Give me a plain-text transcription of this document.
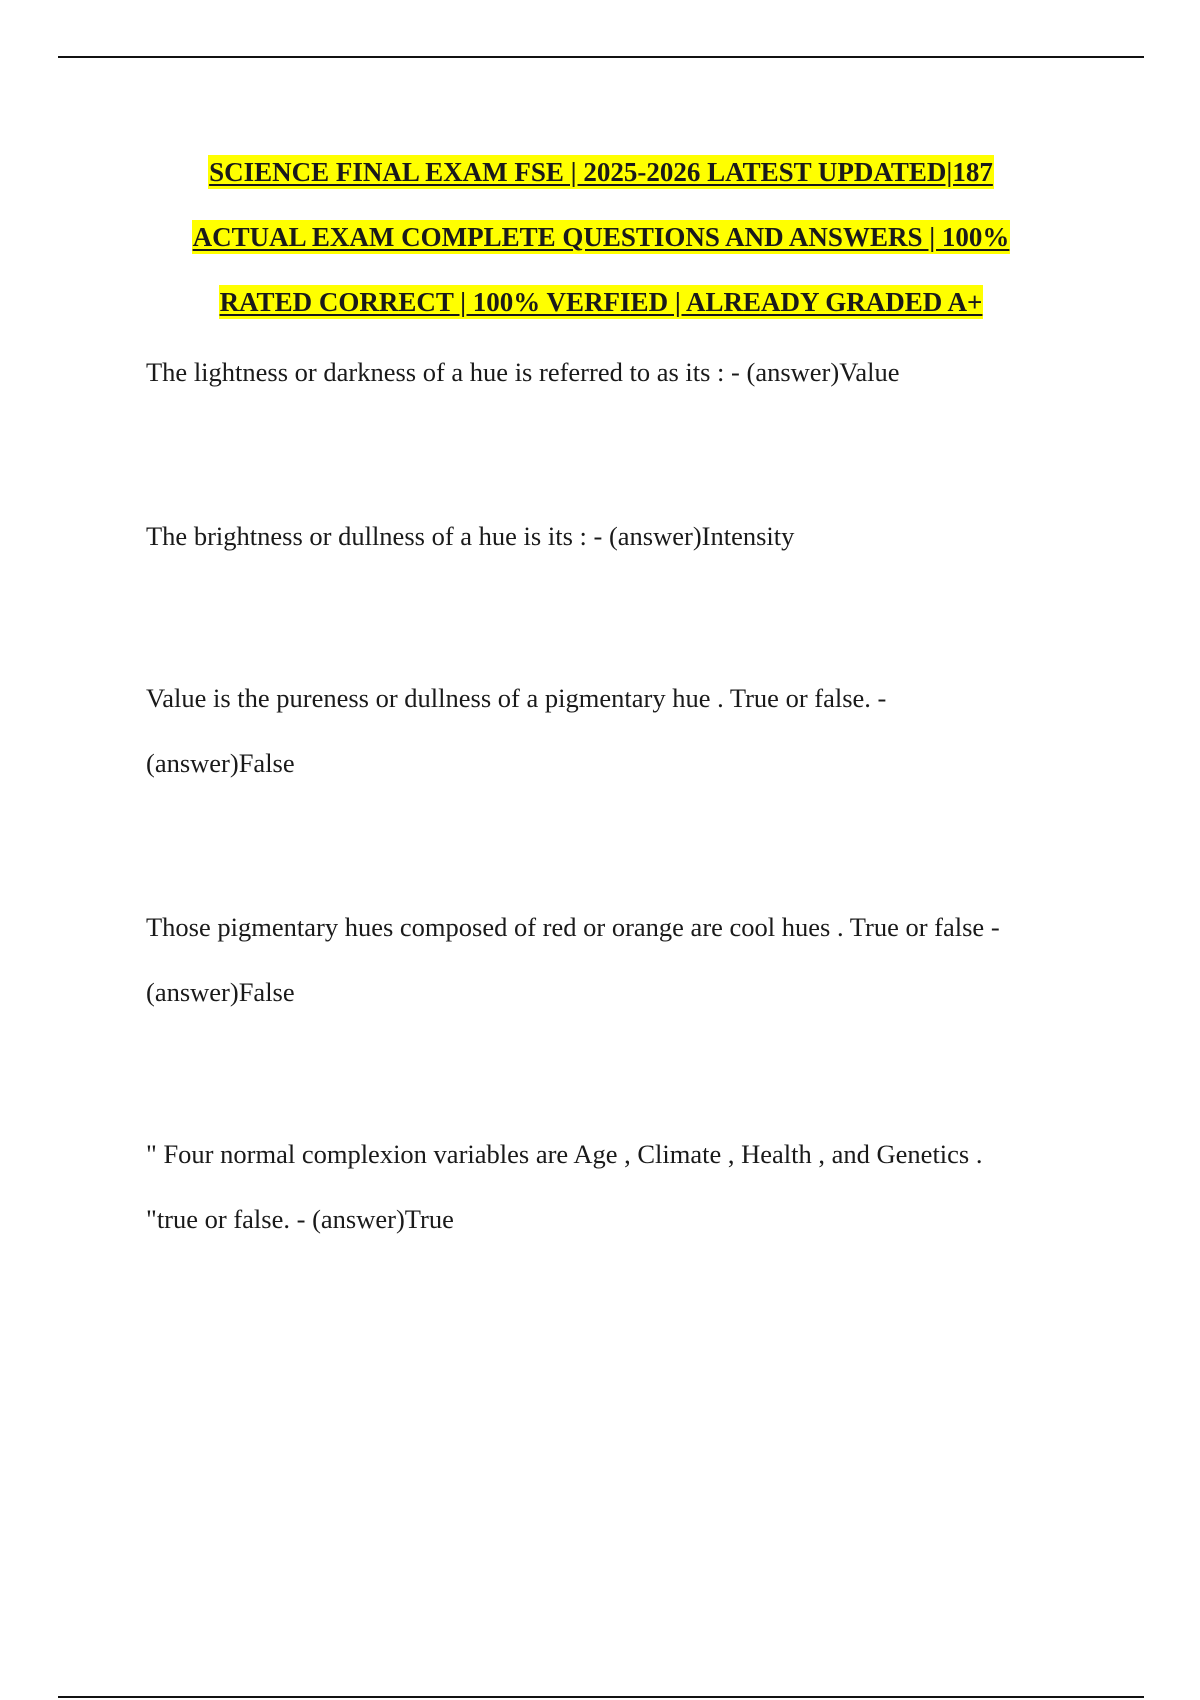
SCIENCE FINAL EXAM FSE | 2025-2026 LATEST UPDATED|187
ACTUAL EXAM COMPLETE QUESTIONS AND ANSWERS | 100%
RATED CORRECT | 100% VERFIED | ALREADY GRADED A+

The lightness or darkness of a hue is referred to as its : - (answer)Value

The brightness or dullness of a hue is its : - (answer)Intensity

Value is the pureness or dullness of a pigmentary hue . True or false. -
(answer)False

Those pigmentary hues composed of red or orange are cool hues . True or false -
(answer)False

" Four normal complexion variables are Age , Climate , Health , and Genetics .
"true or false. - (answer)True
